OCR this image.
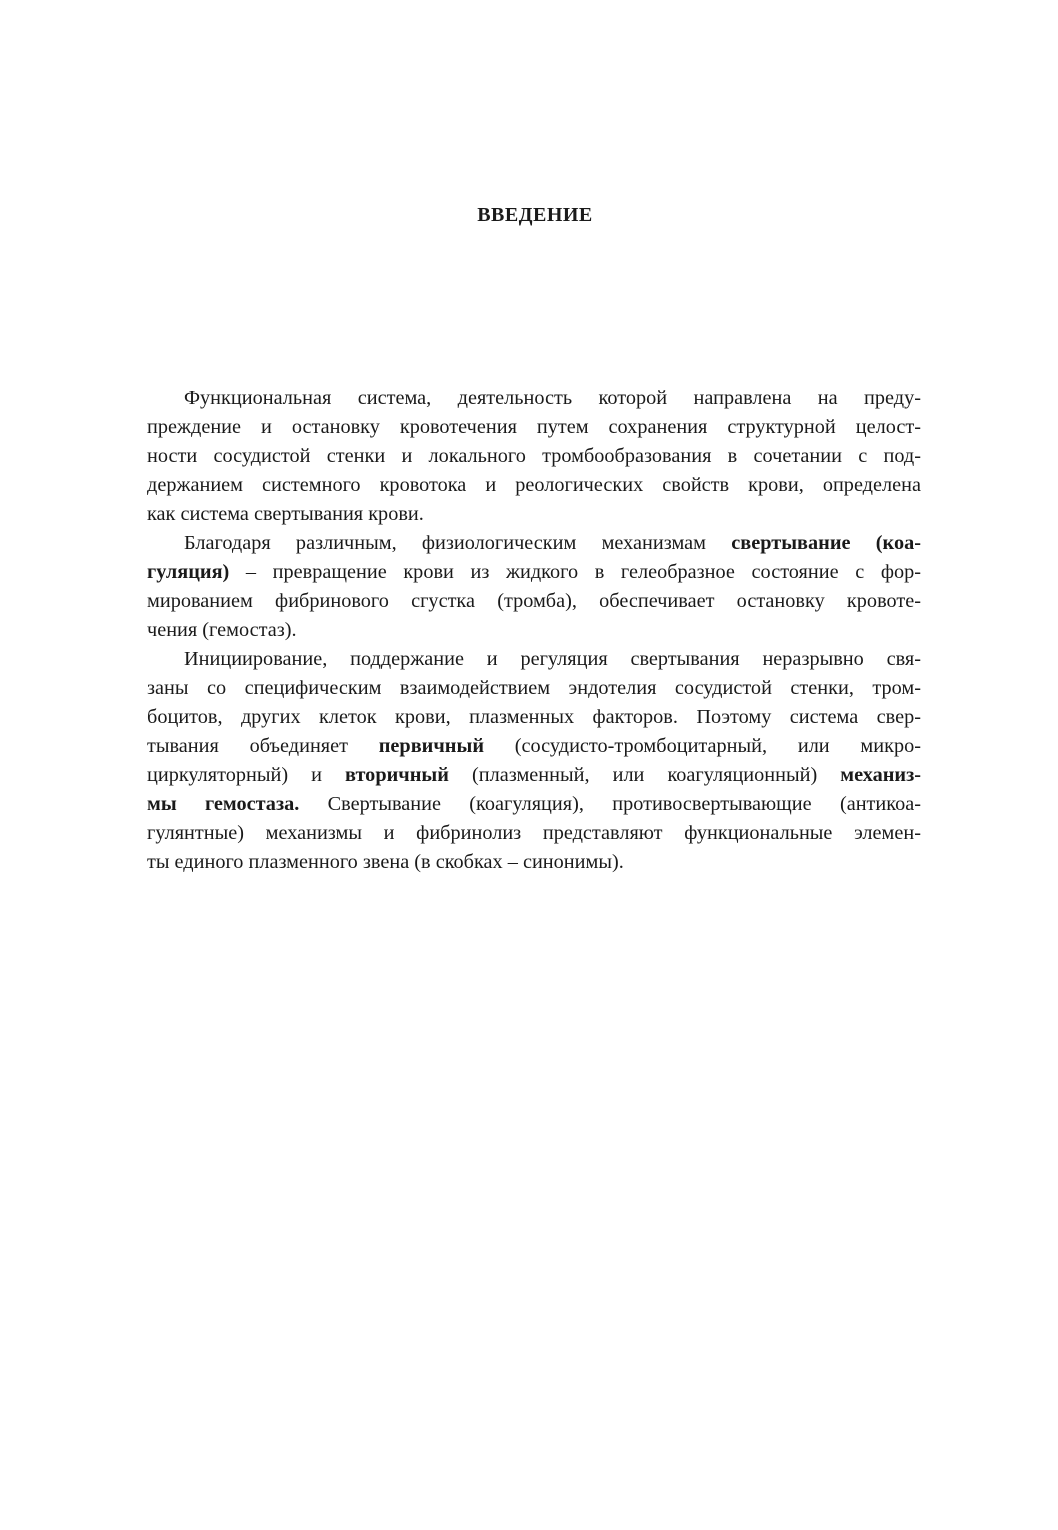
ВВЕДЕНИЕ
Функциональная система, деятельность которой направлена на преду-
преждение и остановку кровотечения путем сохранения структурной целост-
ности сосудистой стенки и локального тромбообразования в сочетании с под-
держанием системного кровотока и реологических свойств крови, определена
как система свертывания крови.
Благодаря различным, физиологическим механизмам свертывание (коа-
гуляция) – превращение крови из жидкого в гелеобразное состояние с фор-
мированием фибринового сгустка (тромба), обеспечивает остановку кровоте-
чения (гемостаз).
Инициирование, поддержание и регуляция свертывания неразрывно свя-
заны со специфическим взаимодействием эндотелия сосудистой стенки, тром-
боцитов, других клеток крови, плазменных факторов. Поэтому система свер-
тывания объединяет первичный (сосудисто-тромбоцитарный, или микро-
циркуляторный) и вторичный (плазменный, или коагуляционный) механиз-
мы гемостаза. Свертывание (коагуляция), противосвертывающие (антикоа-
гулянтные) механизмы и фибринолиз представляют функциональные элемен-
ты единого плазменного звена (в скобках – синонимы).
